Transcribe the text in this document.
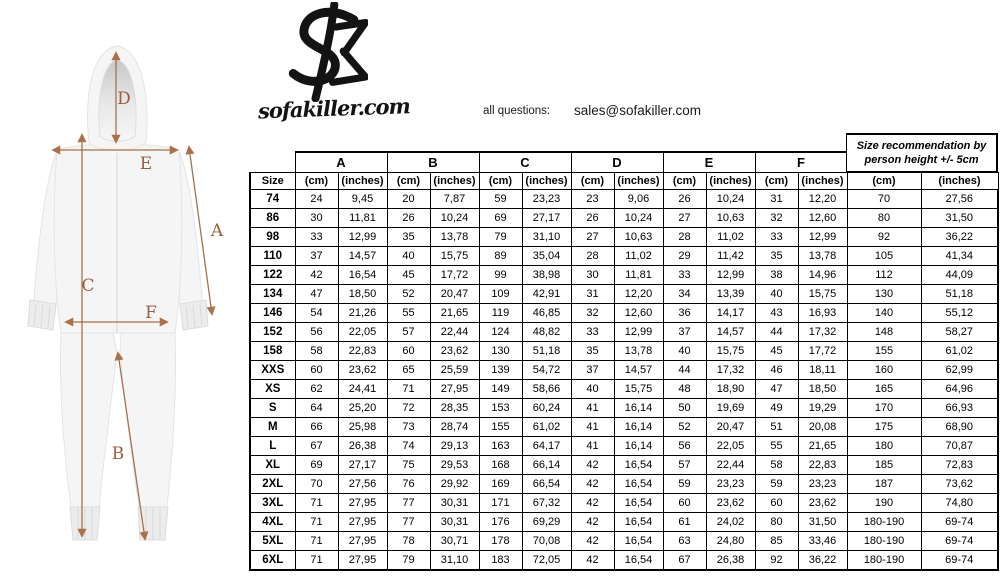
D
E
A
C
F
B
sofakiller.com	all questions: sales@sofakiller.com
Size recommendation by
person height +/- 5cm
	A		B		C		D		E		F			
Size	(cm)	(inches)	(cm)	(inches)	(cm)	(inches)	(cm)	(inches)	(cm)	(inches)	(cm)	(inches)	(cm)	(inches)
74	24	9,45	20	7,87	59	23,23	23	9,06	26	10,24	31	12,20	70	27,56
86	30	11,81	26	10,24	69	27,17	26	10,24	27	10,63	32	12,60	80	31,50
98	33	12,99	35	13,78	79	31,10	27	10,63	28	11,02	33	12,99	92	36,22
110	37	14,57	40	15,75	89	35,04	28	11,02	29	11,42	35	13,78	105	41,34
122	42	16,54	45	17,72	99	38,98	30	11,81	33	12,99	38	14,96	112	44,09
134	47	18,50	52	20,47	109	42,91	31	12,20	34	13,39	40	15,75	130	51,18
146	54	21,26	55	21,65	119	46,85	32	12,60	36	14,17	43	16,93	140	55,12
152	56	22,05	57	22,44	124	48,82	33	12,99	37	14,57	44	17,32	148	58,27
158	58	22,83	60	23,62	130	51,18	35	13,78	40	15,75	45	17,72	155	61,02
XXS	60	23,62	65	25,59	139	54,72	37	14,57	44	17,32	46	18,11	160	62,99
XS	62	24,41	71	27,95	149	58,66	40	15,75	48	18,90	47	18,50	165	64,96
S	64	25,20	72	28,35	153	60,24	41	16,14	50	19,69	49	19,29	170	66,93
M	66	25,98	73	28,74	155	61,02	41	16,14	52	20,47	51	20,08	175	68,90
L	67	26,38	74	29,13	163	64,17	41	16,14	56	22,05	55	21,65	180	70,87
XL	69	27,17	75	29,53	168	66,14	42	16,54	57	22,44	58	22,83	185	72,83
2XL	70	27,56	76	29,92	169	66,54	42	16,54	59	23,23	59	23,23	187	73,62
3XL	71	27,95	77	30,31	171	67,32	42	16,54	60	23,62	60	23,62	190	74,80
4XL	71	27,95	77	30,31	176	69,29	42	16,54	61	24,02	80	31,50	180-190	69-74
5XL	71	27,95	78	30,71	178	70,08	42	16,54	63	24,80	85	33,46	180-190	69-74
6XL	71	27,95	79	31,10	183	72,05	42	16,54	67	26,38	92	36,22	180-190	69-74
